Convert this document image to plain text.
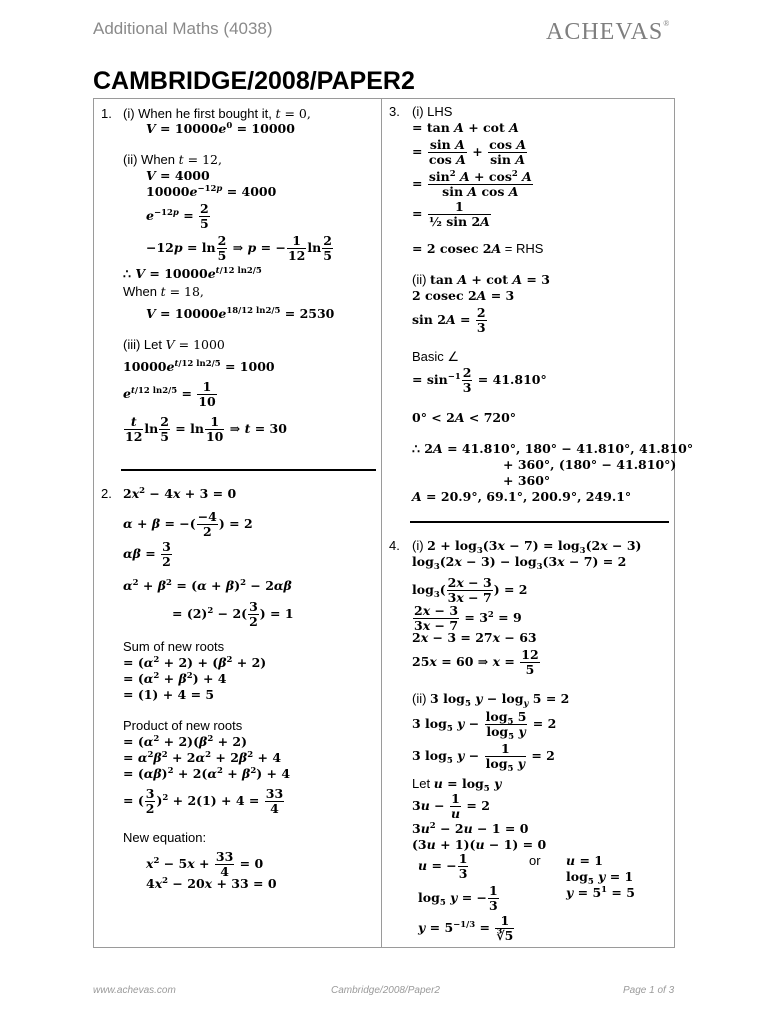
Additional Maths (4038)	ACHEVAS®
CAMBRIDGE/2008/PAPER2
1. (i) When he first bought it, t = 0,
$V = 10000e^0 = 10000$
(ii) When t = 12,
V = 4000
$10000e^{-12p} = 4000$
$e^{-12p} = \frac{2}{5}$
$-12p = \ln \frac{2}{5}$ ⇒ p = − $\frac{1}{12}$ $\ln \frac{2}{5}$
∴ $V = 10000e^{t/12 ln2/5}$
When t = 18,
$V = 10000e^{18/12 ln2/5} = 2530$
(iii) Let V = 1000
$10000e^{t/12 ln2/5} = 1000$
$e^{t/12 ln2/5} = \frac{1}{10}$
$\frac{t}{12}$ $\ln \frac{2}{5} = \ln \frac{1}{10}$ ⇒ t = 30
2. $2x^2 - 4x + 3 = 0$
α + β = −( $\frac{-4}{2}$ ) = 2
$\alpha\beta = \frac{3}{2}$
$\alpha^2 + \beta^2 = (\alpha + \beta)^2 - 2\alpha\beta$
= $(2)^2 - 2( \frac{3}{2}$ ) = 1
Sum of new roots
= $(\alpha^2 + 2) + (\beta^2 + 2)$
= $(\alpha^2 + \beta^2) + 4$
= (1) + 4 = 5
Product of new roots
= $(\alpha^2 + 2)(\beta^2 + 2)$
= $\alpha^2\beta^2 + 2\alpha^2 + 2\beta^2 + 4$
= $(\alpha\beta)^2 + 2(\alpha^2 + \beta^2) + 4$
= ( $\frac{3}{2} )^2 + 2(1) + 4 = \frac{33}{4}$
New equation:
$x^2 - 5x + \frac{33}{4} = 0$
$4x^2 - 20x + 33 = 0$
3. (i) LHS
= tan A + cot A
= $\frac{\text{sin A}}{\text{cos A}} + \frac{\text{cos A}}{\text{sin A}}$
= $\frac{\sin^2 A + \cos^2 A}{\text{sin A cos A}}$
= $\frac{1}{\text{½ sin 2A}}$
= 2 cosec 2A = RHS
(ii) tan A + cot A = 3
2 cosec 2A = 3
$\sin 2A = \frac{2}{3}$
Basic ∠
= $\sin^{-1} \frac{2}{3} = 41.810^\circ$
0° < 2A < 720°
∴ 2A = 41.810°, 180° − 41.810°, 41.810°
+ 360°, (180° − 41.810°)
+ 360°
A = 20.9°, 69.1°, 200.9°, 249.1°
4. (i) $2 + \log_3(3x - 7) = \log_3(2x - 3)$
$\log_3(2x - 3) - \log_3(3x - 7) = 2$
$\log_3( \frac{2x - 3}{3x - 7}$ ) = 2
$\frac{2x - 3}{3x - 7} = 3^2 = 9$
2x − 3 = 27x − 63
25x = 60 ⇒ $x = \frac{12}{5}$
(ii) 3 $\log_5 y - \log_y 5 = 2$
3 $\log_5 y - \frac{\log_5 5}{\log_5 y} = 2$
3 $\log_5 y - \frac{1}{\log_5 y} = 2$
Let $u = \log_5 y$
$3u - \frac{1}{u} = 2$
$3u^2 - 2u - 1 = 0$
(3u + 1)(u − 1) = 0
u = − $\frac{1}{3}$	or u = 1
$\log_5 y = 1$
$y = 5^1 = 5$
$\log_5 y$ = − $\frac{1}{3}$
$y = 5^{-1/3} = \frac{1}{∛5}$
www.achevas.com	Cambridge/2008/Paper2	Page 1 of 3
